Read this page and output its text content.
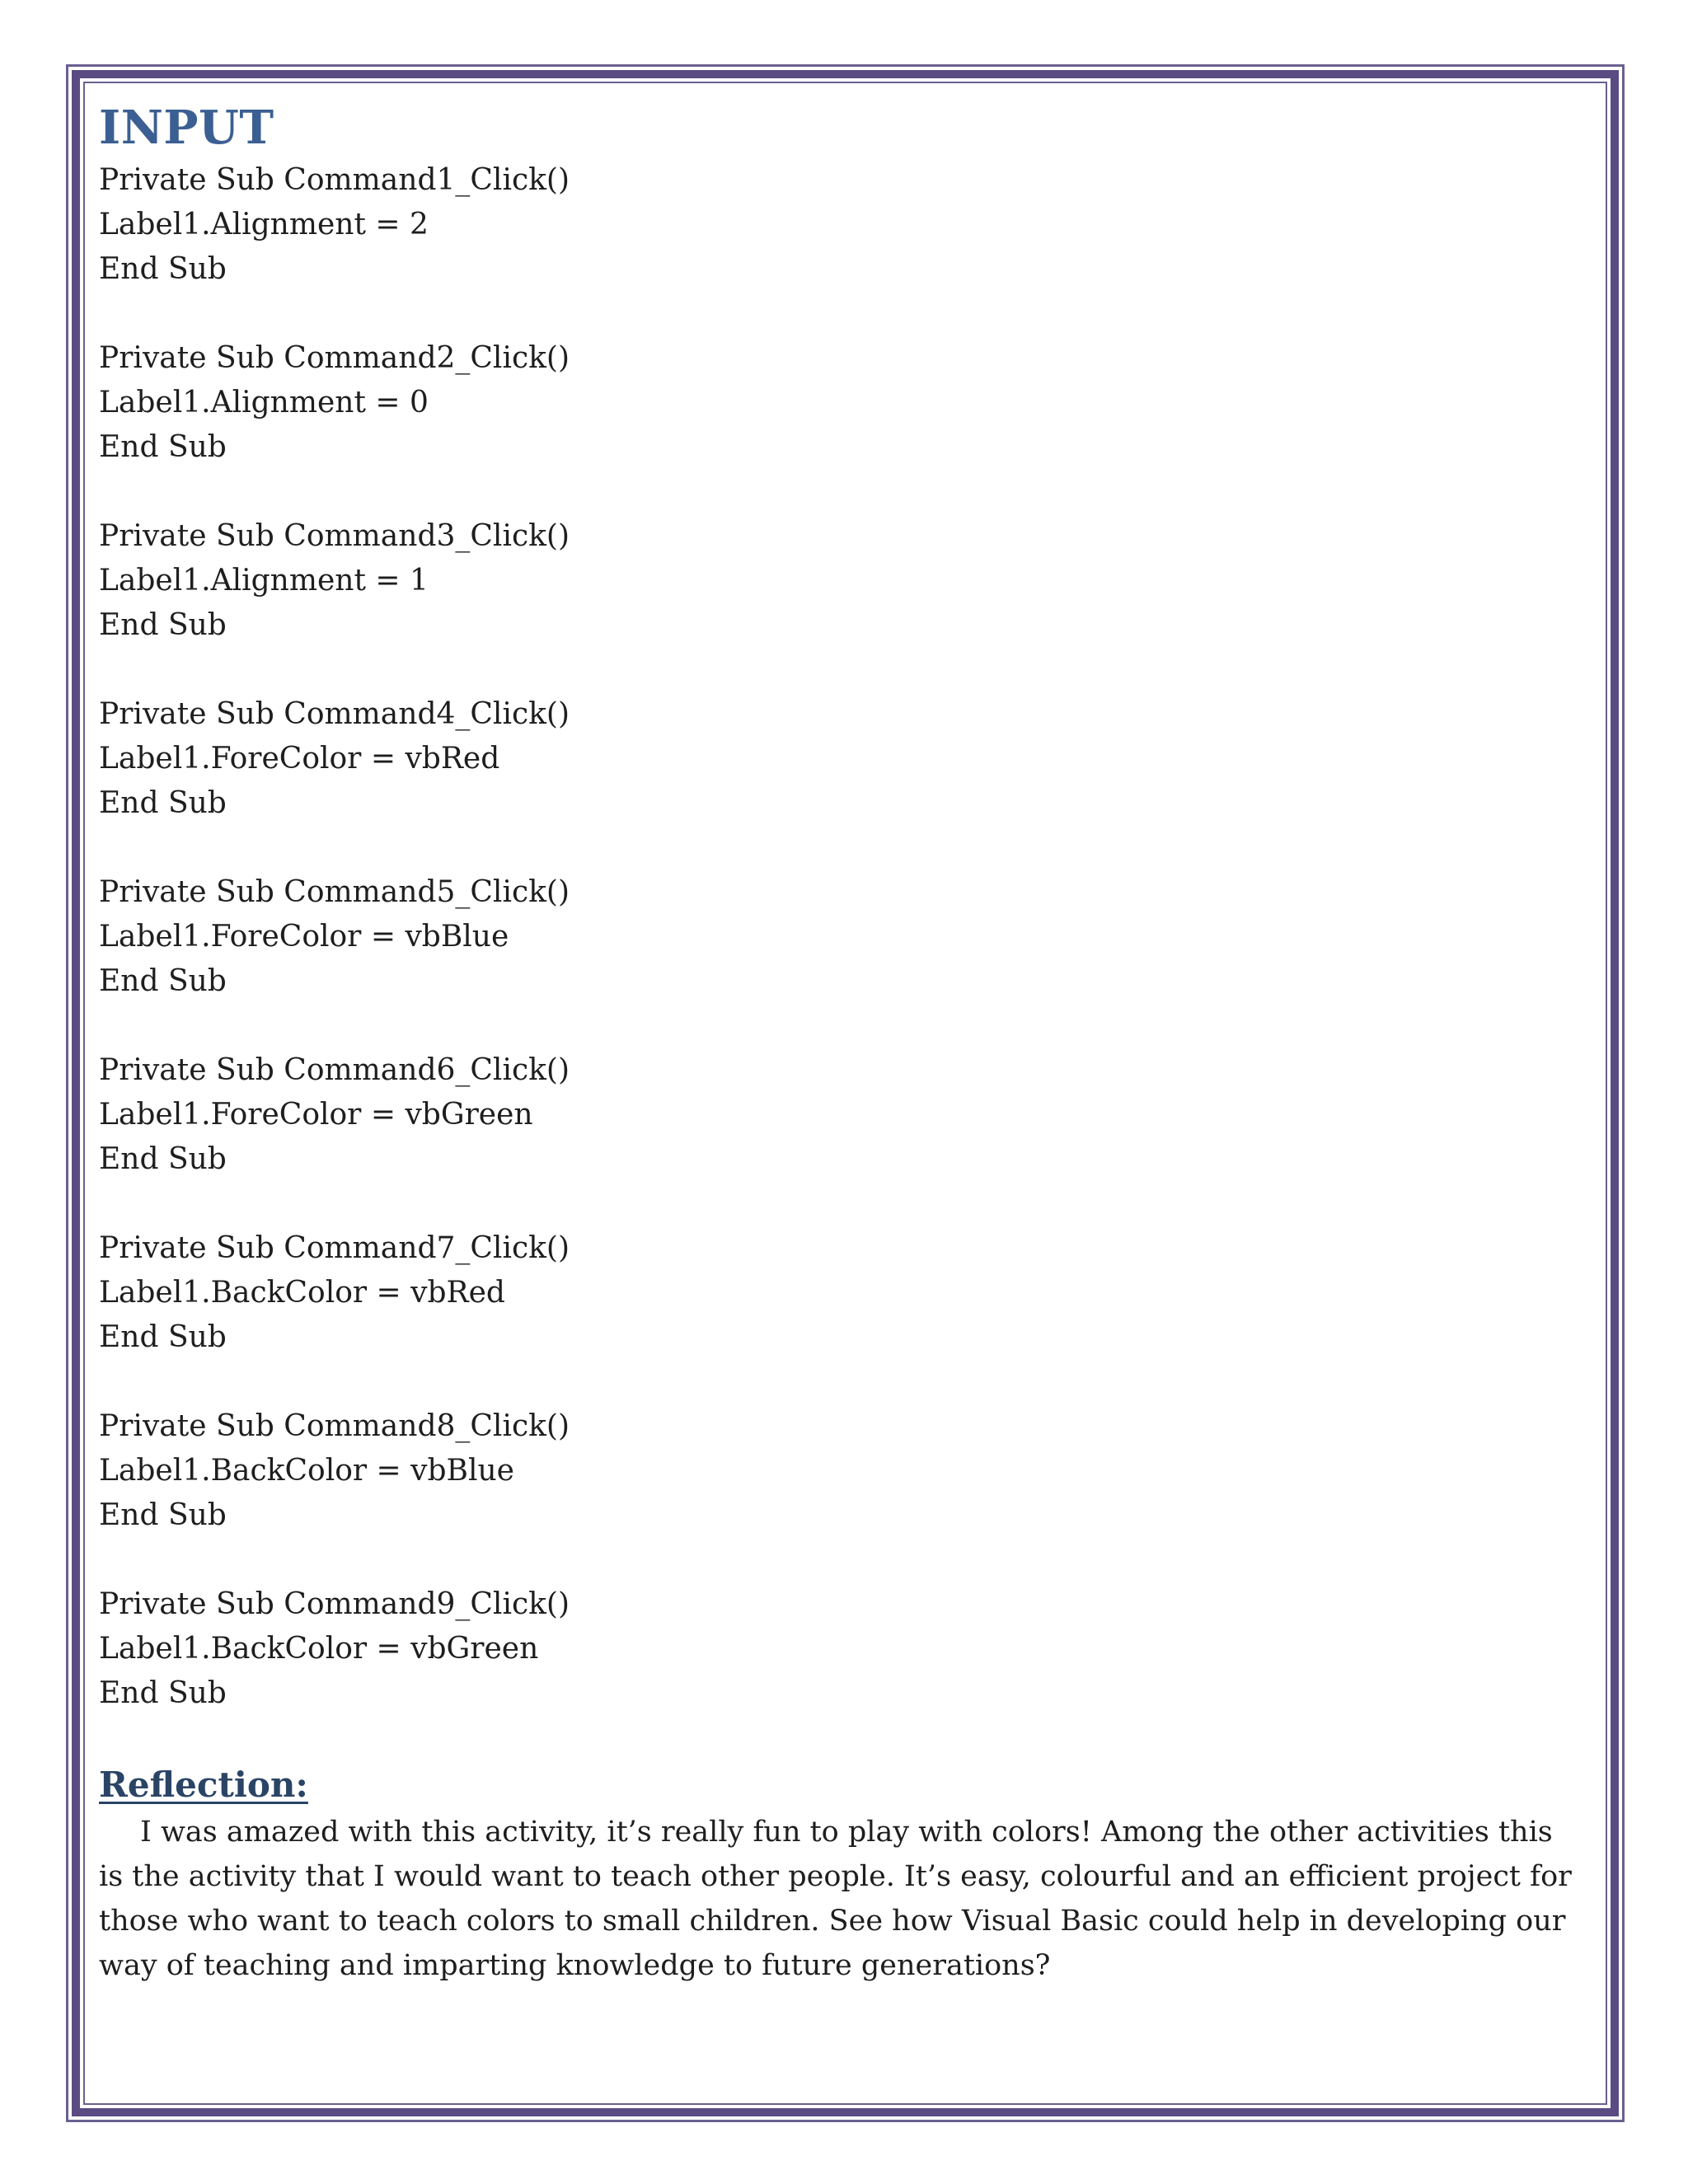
INPUT
Private Sub Command1_Click()
Label1.Alignment = 2
End Sub
Private Sub Command2_Click()
Label1.Alignment = 0
End Sub
Private Sub Command3_Click()
Label1.Alignment = 1
End Sub
Private Sub Command4_Click()
Label1.ForeColor = vbRed
End Sub
Private Sub Command5_Click()
Label1.ForeColor = vbBlue
End Sub
Private Sub Command6_Click()
Label1.ForeColor = vbGreen
End Sub
Private Sub Command7_Click()
Label1.BackColor = vbRed
End Sub
Private Sub Command8_Click()
Label1.BackColor = vbBlue
End Sub
Private Sub Command9_Click()
Label1.BackColor = vbGreen
End Sub
Reflection:

I was amazed with this activity, it’s really fun to play with colors! Among the other activities this is the activity that I would want to teach other people. It’s easy, colourful and an efficient project for those who want to teach colors to small children. See how Visual Basic could help in developing our way of teaching and imparting knowledge to future generations?
